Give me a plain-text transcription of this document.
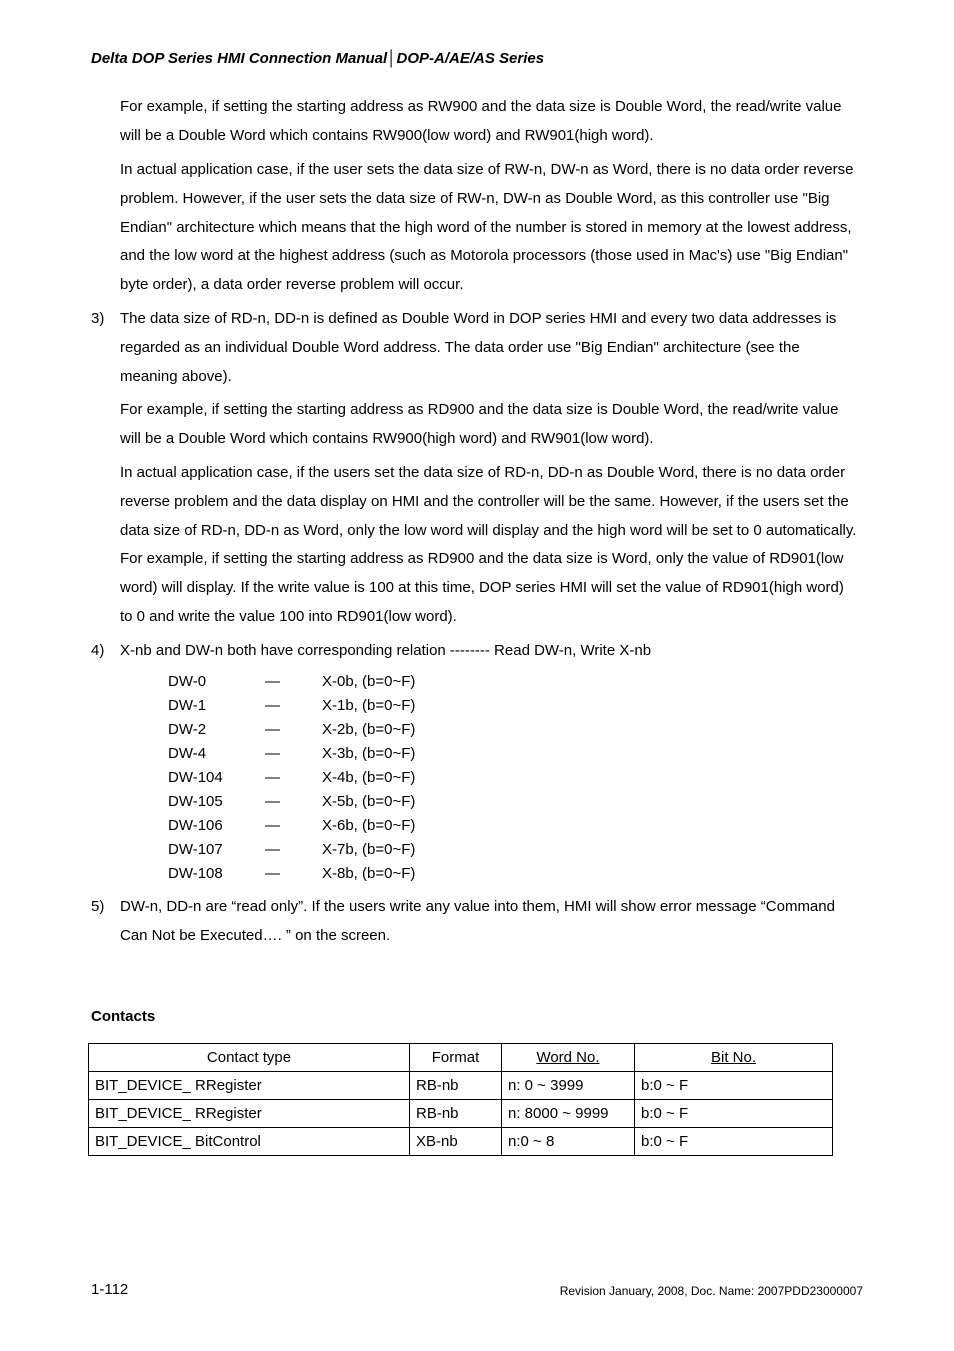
Delta DOP Series HMI Connection Manual│DOP-A/AE/AS Series
For example, if setting the starting address as RW900 and the data size is Double Word, the read/write value will be a Double Word which contains RW900(low word) and RW901(high word).
In actual application case, if the user sets the data size of RW-n, DW-n as Word, there is no data order reverse problem. However, if the user sets the data size of RW-n, DW-n as Double Word, as this controller use "Big Endian" architecture which means that the high word of the number is stored in memory at the lowest address, and the low word at the highest address (such as Motorola processors (those used in Mac's) use "Big Endian" byte order), a data order reverse problem will occur.
3) The data size of RD-n, DD-n is defined as Double Word in DOP series HMI and every two data addresses is regarded as an individual Double Word address. The data order use "Big Endian" architecture (see the meaning above).
For example, if setting the starting address as RD900 and the data size is Double Word, the read/write value will be a Double Word which contains RW900(high word) and RW901(low word).
In actual application case, if the users set the data size of RD-n, DD-n as Double Word, there is no data order reverse problem and the data display on HMI and the controller will be the same. However, if the users set the data size of RD-n, DD-n as Word, only the low word will display and the high word will be set to 0 automatically. For example, if setting the starting address as RD900 and the data size is Word, only the value of RD901(low word) will display. If the write value is 100 at this time, DOP series HMI will set the value of RD901(high word) to 0 and write the value 100 into RD901(low word).
4) X-nb and DW-n both have corresponding relation -------- Read DW-n, Write X-nb
DW-0	—	X-0b, (b=0~F)
DW-1	—	X-1b, (b=0~F)
DW-2	—	X-2b, (b=0~F)
DW-4	—	X-3b, (b=0~F)
DW-104	—	X-4b, (b=0~F)
DW-105	—	X-5b, (b=0~F)
DW-106	—	X-6b, (b=0~F)
DW-107	—	X-7b, (b=0~F)
DW-108	—	X-8b, (b=0~F)
5) DW-n, DD-n are “read only”. If the users write any value into them, HMI will show error message “Command Can Not be Executed…. ” on the screen.
Contacts
Contact type	Format	Word No.	Bit No.
BIT_DEVICE_ RRegister	RB-nb	n: 0 ~ 3999	b:0 ~ F
BIT_DEVICE_ RRegister	RB-nb	n: 8000 ~ 9999	b:0 ~ F
BIT_DEVICE_ BitControl	XB-nb	n:0 ~ 8	b:0 ~ F
1-112	Revision January, 2008, Doc. Name: 2007PDD23000007
